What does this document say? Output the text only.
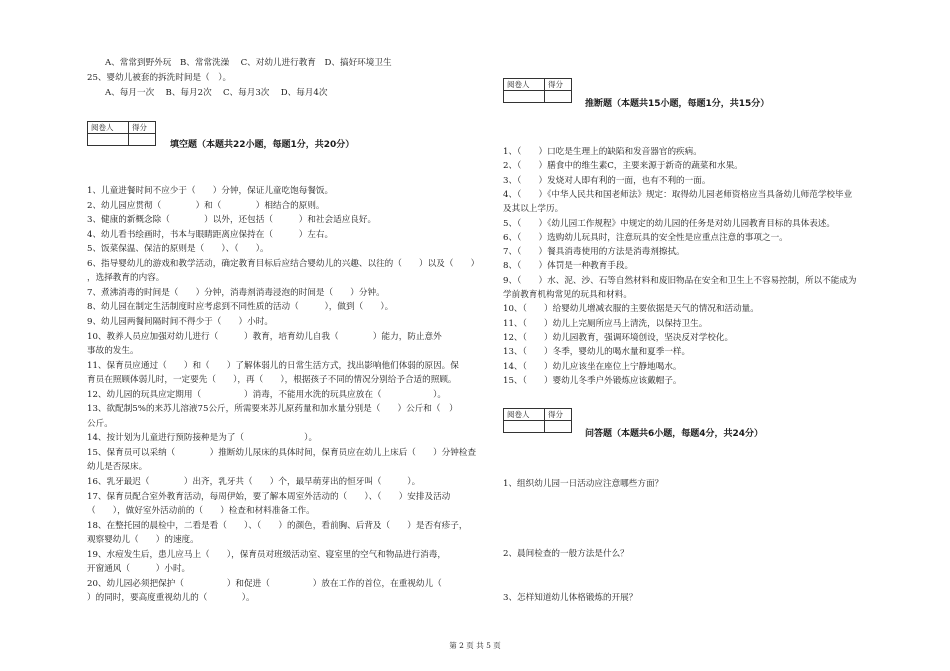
A、常常到野外玩　B、常常洗澡　 C、对幼儿进行教育　D、搞好环境卫生
25、婴幼儿被套的拆洗时间是（　）。
A、每月一次　 B、每月2次　 C、每月3次　 D、每月4次
阅卷人	得分

填空题（本题共22小题，每题1分，共20分）
1、儿童进餐时间不应少于（　　）分钟，保证儿童吃饱每餐饭。
2、幼儿园应贯彻（　　　　）和（　　　　）相结合的原则。
3、健康的新概念除（　　　　）以外，还包括（　　　）和社会适应良好。
4、幼儿看书绘画时，书本与眼睛距离应保持在（　　　）左右。
5、饭菜保温、保洁的原则是（　　）、（　　）。
6、指导婴幼儿的游戏和教学活动，确定教育目标后应结合婴幼儿的兴趣、以往的（　　）以及（　　）
，选择教育的内容。
7、煮沸消毒的时间是（　　）分钟，消毒剂消毒浸泡的时间是（　　）分钟。
8、幼儿园在制定生活制度时应考虑到不同性质的活动（　　　），做到（　　）。
9、幼儿园两餐间隔时间不得少于（　　）小时。
10、教养人员应加强对幼儿进行（　　　）教育，培育幼儿自我（　　　　）能力，防止意外
事故的发生。
11、保育员应通过（　　）和（　　）了解体弱儿的日常生活方式，找出影响他们体弱的原因。保
育员在照顾体弱儿时，一定要先（　　），再（　　），根据孩子不同的情况分别给予合适的照顾。
12、幼儿园的玩具应定期用（　　　　　）消毒，不能用水洗的玩具应放在（　　　　　　）。
13、欲配制5%的来苏儿溶液75公斤，所需要来苏儿原药量和加水量分别是（　　）公斤和（　）
公斤。
14、按计划为儿童进行预防接种是为了（　　　　　　　）。
15、保育员可以采纳（　　　　）推断幼儿尿床的具体时间，保育员应在幼儿上床后（　　）分钟检查
幼儿是否尿床。
16、乳牙最迟（　　　　）出齐，乳牙共（　　）个，最早萌芽出的恒牙叫（　　　）。
17、保育员配合室外教育活动，每周伊始，要了解本周室外活动的（　　）、（　　）安排及活动
（　　），做好室外活动前的（　　）检查和材料准备工作。
18、在整托园的晨检中，二看是看（　　）、（　　）的颜色，看前胸、后背及（　　）是否有疹子，
观察婴幼儿（　　）的速度。
19、水痘发生后，患儿应马上（　　），保育员对班级活动室、寝室里的空气和物品进行消毒，
开窗通风（　　　）小时。
20、幼儿园必须把保护（　　　　　）和促进（　　　　　）放在工作的首位，在重视幼儿（
）的同时，要高度重视幼儿的（　　　　）。
阅卷人	得分

推断题（本题共15小题，每题1分，共15分）
1、（　　）口吃是生理上的缺陷和发音器官的疾病。
2、（　　）膳食中的维生素C，主要来源于新奇的蔬菜和水果。
3、（　　）发烧对人即有利的一面，也有不利的一面。
4、（　　）《中华人民共和国老师法》规定：取得幼儿园老师资格应当具备幼儿师范学校毕业
及其以上学历。
5、（　　）《幼儿园工作规程》中规定的幼儿园的任务是对幼儿园教育目标的具体表述。
6、（　　）选购幼儿玩具时，注意玩具的安全性是应重点注意的事项之一。
7、（　　）餐具消毒使用的方法是消毒剂擦拭。
8、（　　）体罚是一种教育手段。
9、（　　）水、泥、沙、石等自然材料和废旧物品在安全和卫生上不容易控制，所以不能成为
学前教育机构常见的玩具和材料。
10、（　　）给婴幼儿增减衣服的主要依据是天气的情况和活动量。
11、（　　）幼儿上完厕所应马上清洗，以保持卫生。
12、（　　）幼儿园教育，强调环境创设，坚决反对学校化。
13、（　　）冬季，婴幼儿的喝水量和夏季一样。
14、（　　）幼儿应该坐在座位上宁静地喝水。
15、（　　）婴幼儿冬季户外锻炼应该戴帽子。
阅卷人	得分

问答题（本题共6小题，每题4分，共24分）
1、组织幼儿园一日活动应注意哪些方面？
2、晨间检查的一般方法是什么？
3、怎样知道幼儿体格锻炼的开展？
第 2 页 共 5 页
